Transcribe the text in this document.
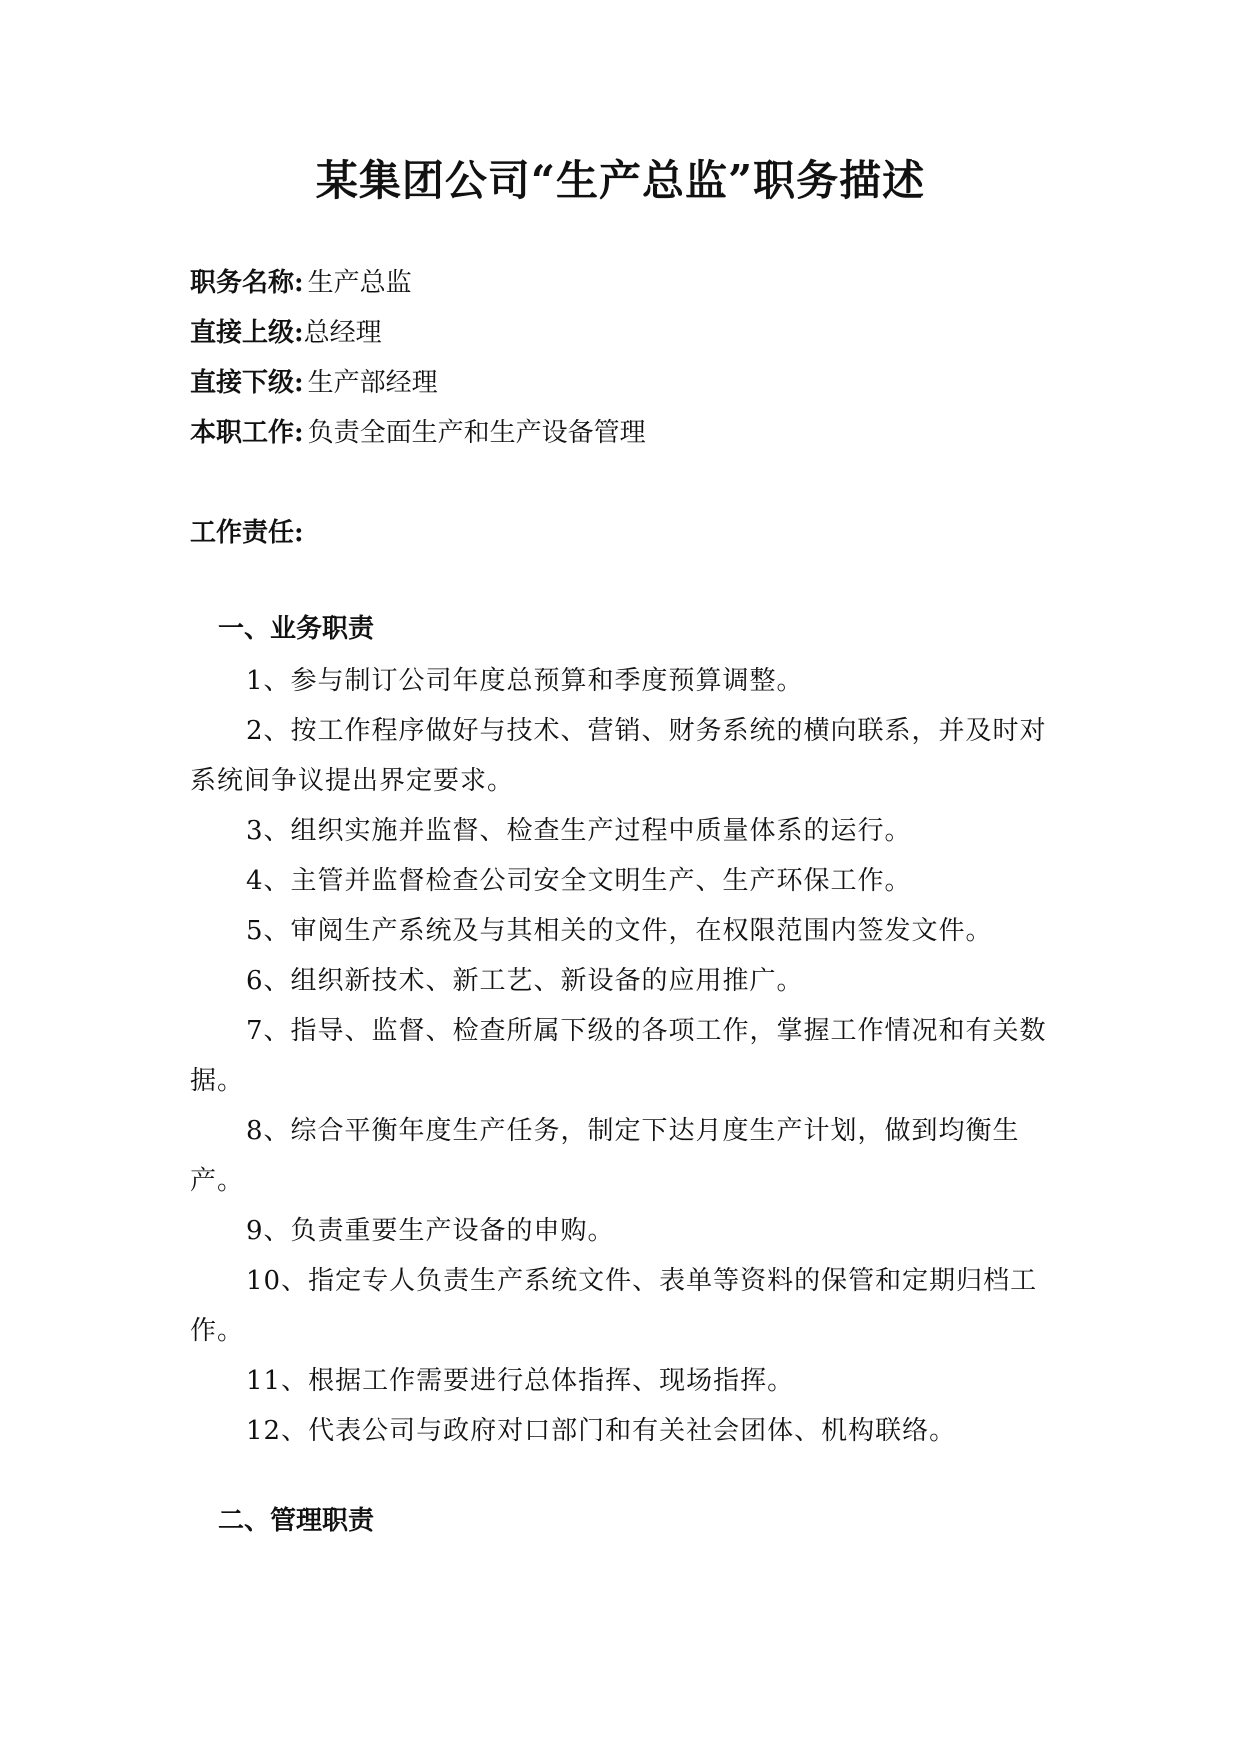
某集团公司“生产总监”职务描述
职务名称: 生产总监
直接上级:总经理
直接下级: 生产部经理
本职工作: 负责全面生产和生产设备管理
工作责任:
一、业务职责

1、参与制订公司年度总预算和季度预算调整。

2、按工作程序做好与技术、营销、财务系统的横向联系，并及时对系统间争议提出界定要求。

3、组织实施并监督、检查生产过程中质量体系的运行。

4、主管并监督检查公司安全文明生产、生产环保工作。

5、审阅生产系统及与其相关的文件，在权限范围内签发文件。

6、组织新技术、新工艺、新设备的应用推广。

7、指导、监督、检查所属下级的各项工作，掌握工作情况和有关数据。

8、综合平衡年度生产任务，制定下达月度生产计划，做到均衡生产。

9、负责重要生产设备的申购。

10、指定专人负责生产系统文件、表单等资料的保管和定期归档工作。

11、根据工作需要进行总体指挥、现场指挥。

12、代表公司与政府对口部门和有关社会团体、机构联络。

二、管理职责
